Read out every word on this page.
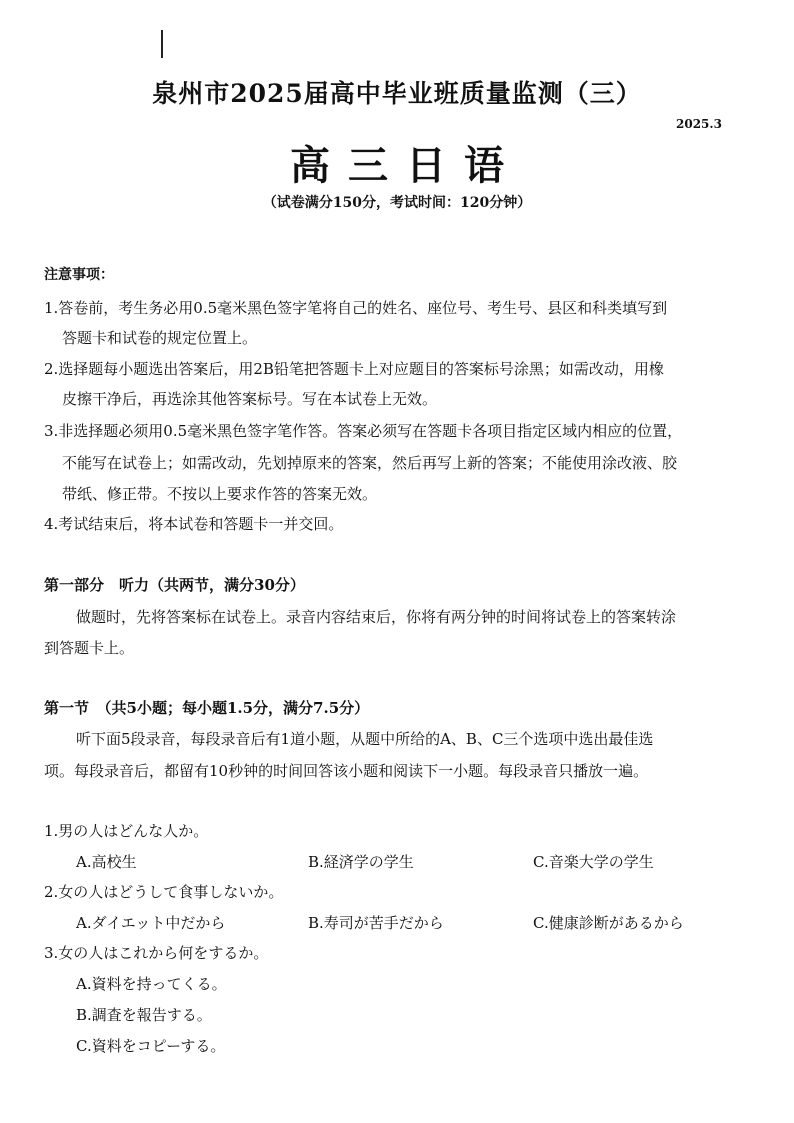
泉州市2025届高中毕业班质量监测（三）
2025.3
高三日语
（试卷满分150分，考试时间：120分钟）
注意事项：
1.答卷前，考生务必用0.5毫米黑色签字笔将自己的姓名、座位号、考生号、县区和科类填写到
答题卡和试卷的规定位置上。
2.选择题每小题选出答案后，用2B铅笔把答题卡上对应题目的答案标号涂黑；如需改动，用橡
皮擦干净后，再选涂其他答案标号。写在本试卷上无效。
3.非选择题必须用0.5毫米黑色签字笔作答。答案必须写在答题卡各项目指定区域内相应的位置，
不能写在试卷上；如需改动，先划掉原来的答案，然后再写上新的答案；不能使用涂改液、胶
带纸、修正带。不按以上要求作答的答案无效。
4.考试结束后，将本试卷和答题卡一并交回。
第一部分　听力（共两节，满分30分）
做题时，先将答案标在试卷上。录音内容结束后，你将有两分钟的时间将试卷上的答案转涂
到答题卡上。
第一节　（共5小题；每小题1.5分，满分7.5分）
听下面5段录音，每段录音后有1道小题，从题中所给的A、B、C三个选项中选出最佳选
项。每段录音后，都留有10秒钟的时间回答该小题和阅读下一小题。每段录音只播放一遍。
1.男の人はどんな人か。
A.高校生	B.経済学の学生	C.音楽大学の学生
2.女の人はどうして食事しないか。
A.ダイエット中だから	B.寿司が苦手だから	C.健康診断があるから
3.女の人はこれから何をするか。
A.資料を持ってくる。
B.調査を報告する。
C.資料をコピーする。
